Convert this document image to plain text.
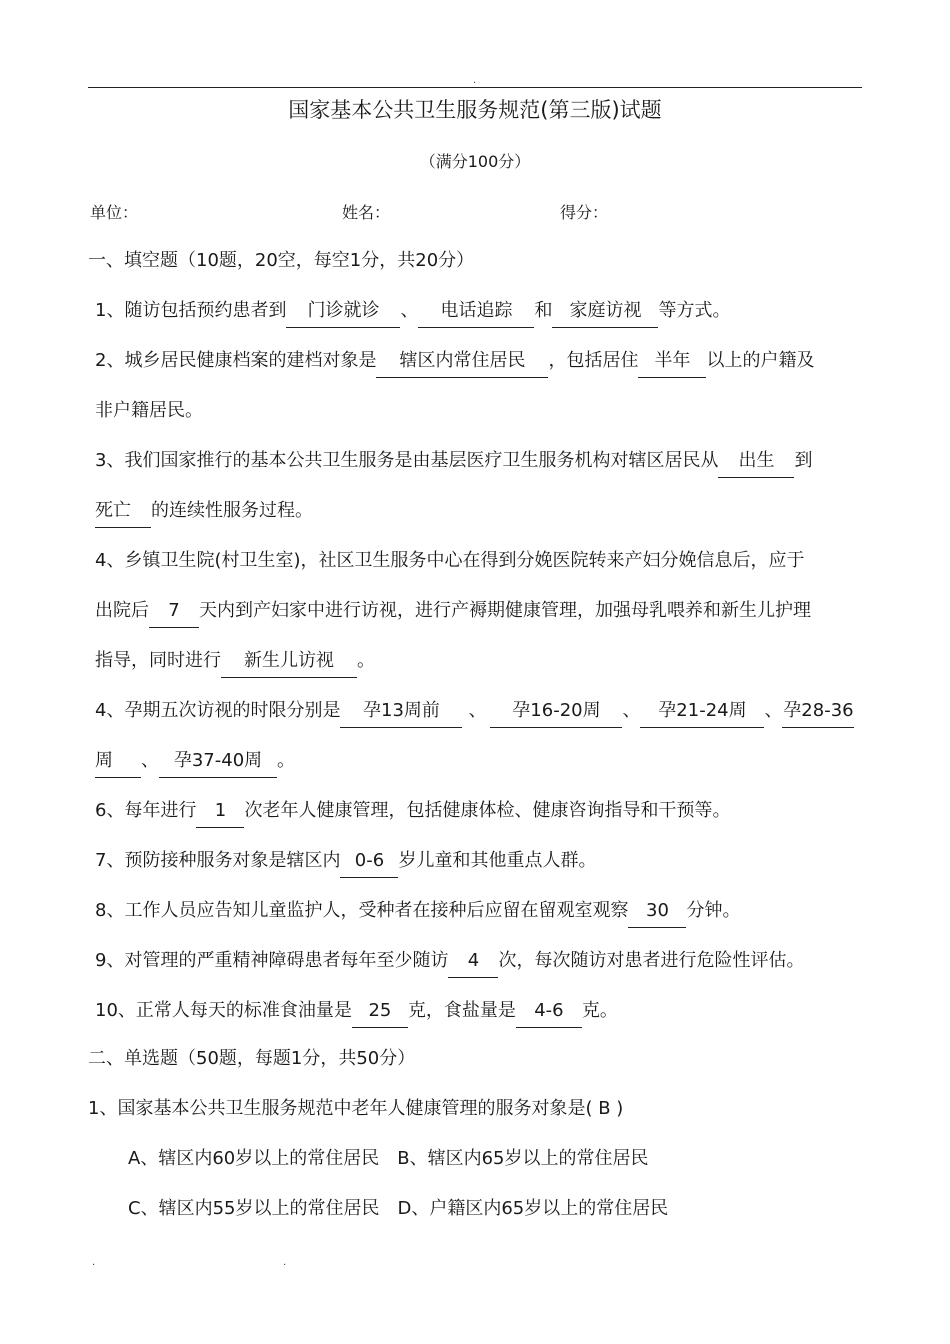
.
国家基本公共卫生服务规范(第三版)试题
（满分100分）
单位：	姓名：	得分：
一、填空题（10题，20空，每空1分，共20分）
1、随访包括预约患者到 门诊就诊 、 电话追踪 和 家庭访视 等方式。
2、城乡居民健康档案的建档对象是 辖区内常住居民 ，包括居住 半年 以上的户籍及
非户籍居民。
3、我们国家推行的基本公共卫生服务是由基层医疗卫生服务机构对辖区居民从 出生 到
死亡 的连续性服务过程。
4、乡镇卫生院(村卫生室)，社区卫生服务中心在得到分娩医院转来产妇分娩信息后，应于
出院后 7 天内到产妇家中进行访视，进行产褥期健康管理，加强母乳喂养和新生儿护理
指导，同时进行 新生儿访视 。
4、孕期五次访视的时限分别是 孕13周前 、 孕16-20周 、 孕21-24周 、孕28-36
周 、 孕37-40周 。
6、每年进行 1 次老年人健康管理，包括健康体检、健康咨询指导和干预等。
7、预防接种服务对象是辖区内 0-6 岁儿童和其他重点人群。
8、工作人员应告知儿童监护人，受种者在接种后应留在留观室观察 30 分钟。
9、对管理的严重精神障碍患者每年至少随访 4 次，每次随访对患者进行危险性评估。
10、正常人每天的标准食油量是 25 克，食盐量是 4-6 克。
二、单选题（50题，每题1分，共50分）
1、国家基本公共卫生服务规范中老年人健康管理的服务对象是( B )
A、辖区内60岁以上的常住居民　B、辖区内65岁以上的常住居民
C、辖区内55岁以上的常住居民　D、户籍区内65岁以上的常住居民
.	.
